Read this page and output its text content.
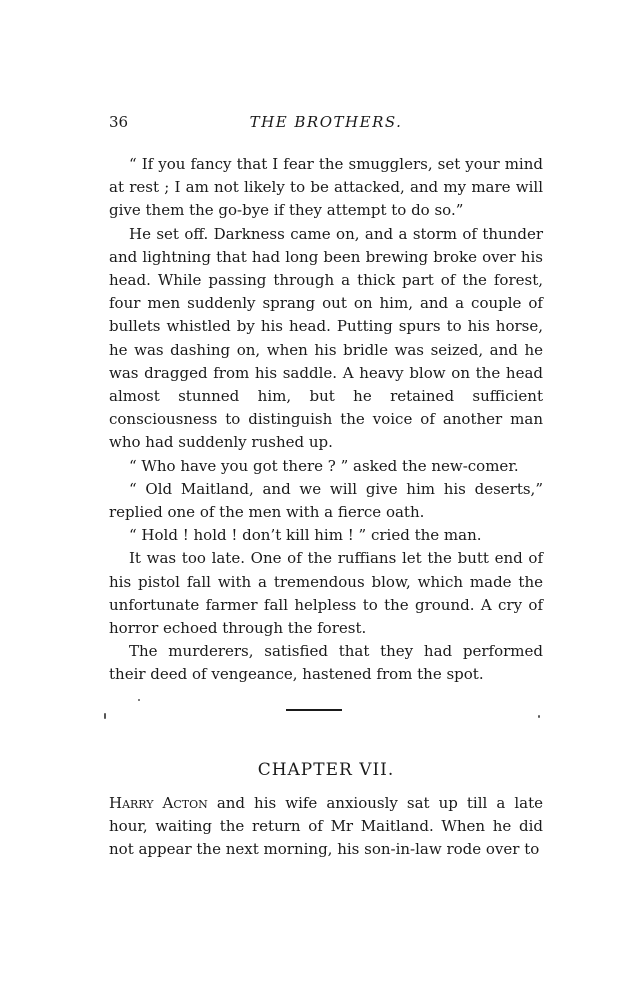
36	THE BROTHERS.

“ If you fancy that I fear the smugglers, set your mind at rest ; I am not likely to be attacked, and my mare will give them the go-bye if they attempt to do so.”

He set off. Darkness came on, and a storm of thunder and lightning that had long been brewing broke over his head. While passing through a thick part of the forest, four men suddenly sprang out on him, and a couple of bullets whistled by his head. Putting spurs to his horse, he was dashing on, when his bridle was seized, and he was dragged from his saddle. A heavy blow on the head almost stunned him, but he retained sufficient consciousness to distinguish the voice of another man who had suddenly rushed up.

“ Who have you got there ? ” asked the new-comer.

“ Old Maitland, and we will give him his deserts,” replied one of the men with a fierce oath.

“ Hold ! hold ! don’t kill him ! ” cried the man.

It was too late. One of the ruffians let the butt end of his pistol fall with a tremendous blow, which made the unfortunate farmer fall helpless to the ground. A cry of horror echoed through the forest.

The murderers, satisfied that they had performed their deed of vengeance, hastened from the spot.

CHAPTER VII.

Harry Acton and his wife anxiously sat up till a late hour, waiting the return of Mr Maitland. When he did not appear the next morning, his son-in-law rode over to
